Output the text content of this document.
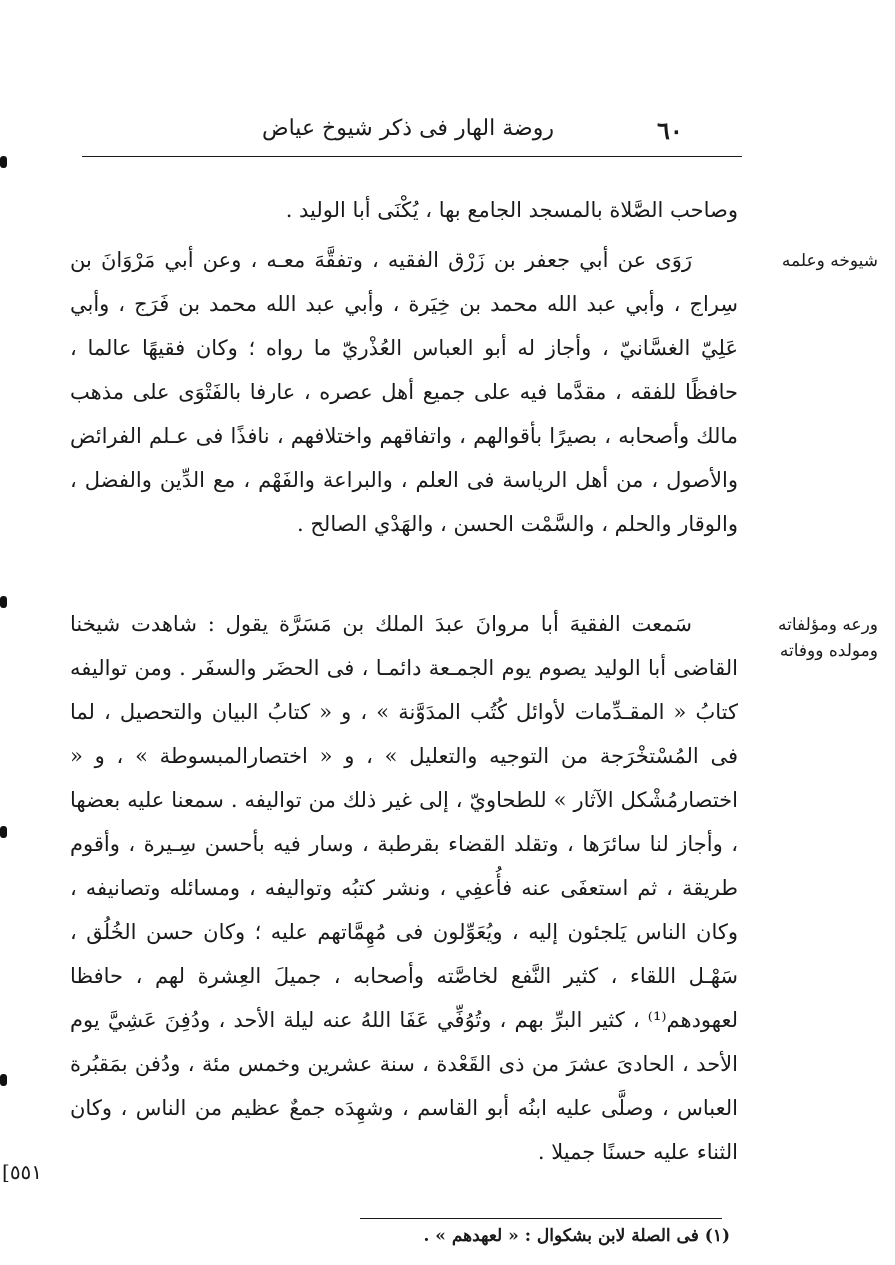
روضة الهار فى ذكر شيوخ عياض	٦٠

وصاحب الصَّلاة بالمسجد الجامع بها ، يُكْنَى أبا الوليد .

شيوخه وعلمه

رَوَى عن أبي جعفر بن زَرْق الفقيه ، وتفقَّهَ معـه ، وعن أبي مَرْوَانَ بن سِراج ، وأبي عبد الله محمد بن خِيَرة ، وأبي عبد الله محمد بن فَرَج ، وأبي عَلِيّ الغسَّانيّ ، وأجاز له أبو العباس العُذْريّ ما رواه ؛ وكان فقيهًا عالما ، حافظًا للفقه ، مقدَّما فيه على جميع أهل عصره ، عارفا بالفَتْوَى على مذهب مالك وأصحابه ، بصيرًا بأقوالهم ، واتفاقهم واختلافهم ، نافذًا فى عـلم الفرائض والأصول ، من أهل الرياسة فى العلم ، والبراعة والفَهْم ، مع الدِّين والفضل ، والوقار والحلم ، والسَّمْت الحسن ، والهَدْي الصالح .

ورعه ومؤلفاته ومولده ووفاته

سَمعت الفقيهَ أبا مروانَ عبدَ الملك بن مَسَرَّة يقول : شاهدت شيخنا القاضى أبا الوليد يصوم يوم الجمـعة دائمـا ، فى الحضَر والسفَر . ومن تواليفه كتابُ « المقـدِّمات لأوائل كُتُب المدَوَّنة » ، و « كتابُ البيان والتحصيل ، لما فى المُسْتخْرَجة من التوجيه والتعليل » ، و « اختصارالمبسوطة » ، و « اختصارمُشْكل الآثار » للطحاويّ ، إلى غير ذلك من تواليفه . سمعنا عليه بعضها ، وأجاز لنا سائرَها ، وتقلد القضاء بقرطبة ، وسار فيه بأحسن سِـيرة ، وأقوم طريقة ، ثم استعفَى عنه فأُعفِي ، ونشر كتبُه وتواليفه ، ومسائله وتصانيفه ، وكان الناس يَلجئون إليه ، ويُعَوِّلون فى مُهِمَّاتهم عليه ؛ وكان حسن الخُلُق ، سَهْـل اللقاء ، كثير النَّفع لخاصَّته وأصحابه ، جميلَ العِشرة لهم ، حافظا لعهودهم⁽¹⁾ ، كثير البرِّ بهم ، وتُوُفِّي عَفَا اللهُ عنه ليلة الأحد ، ودُفِنَ عَشِيَّ يوم الأحد ، الحادىَ عشرَ من ذى القَعْدة ، سنة عشرين وخمس مئة ، ودُفن بمَقبُرة العباس ، وصلَّى عليه ابنُه أبو القاسم ، وشهِدَه جمعٌ عظيم من الناس ، وكان الثناء عليه حسنًا جميلا .

[٥٥١
(١) فى الصلة لابن بشكوال : « لعهدهم » .
